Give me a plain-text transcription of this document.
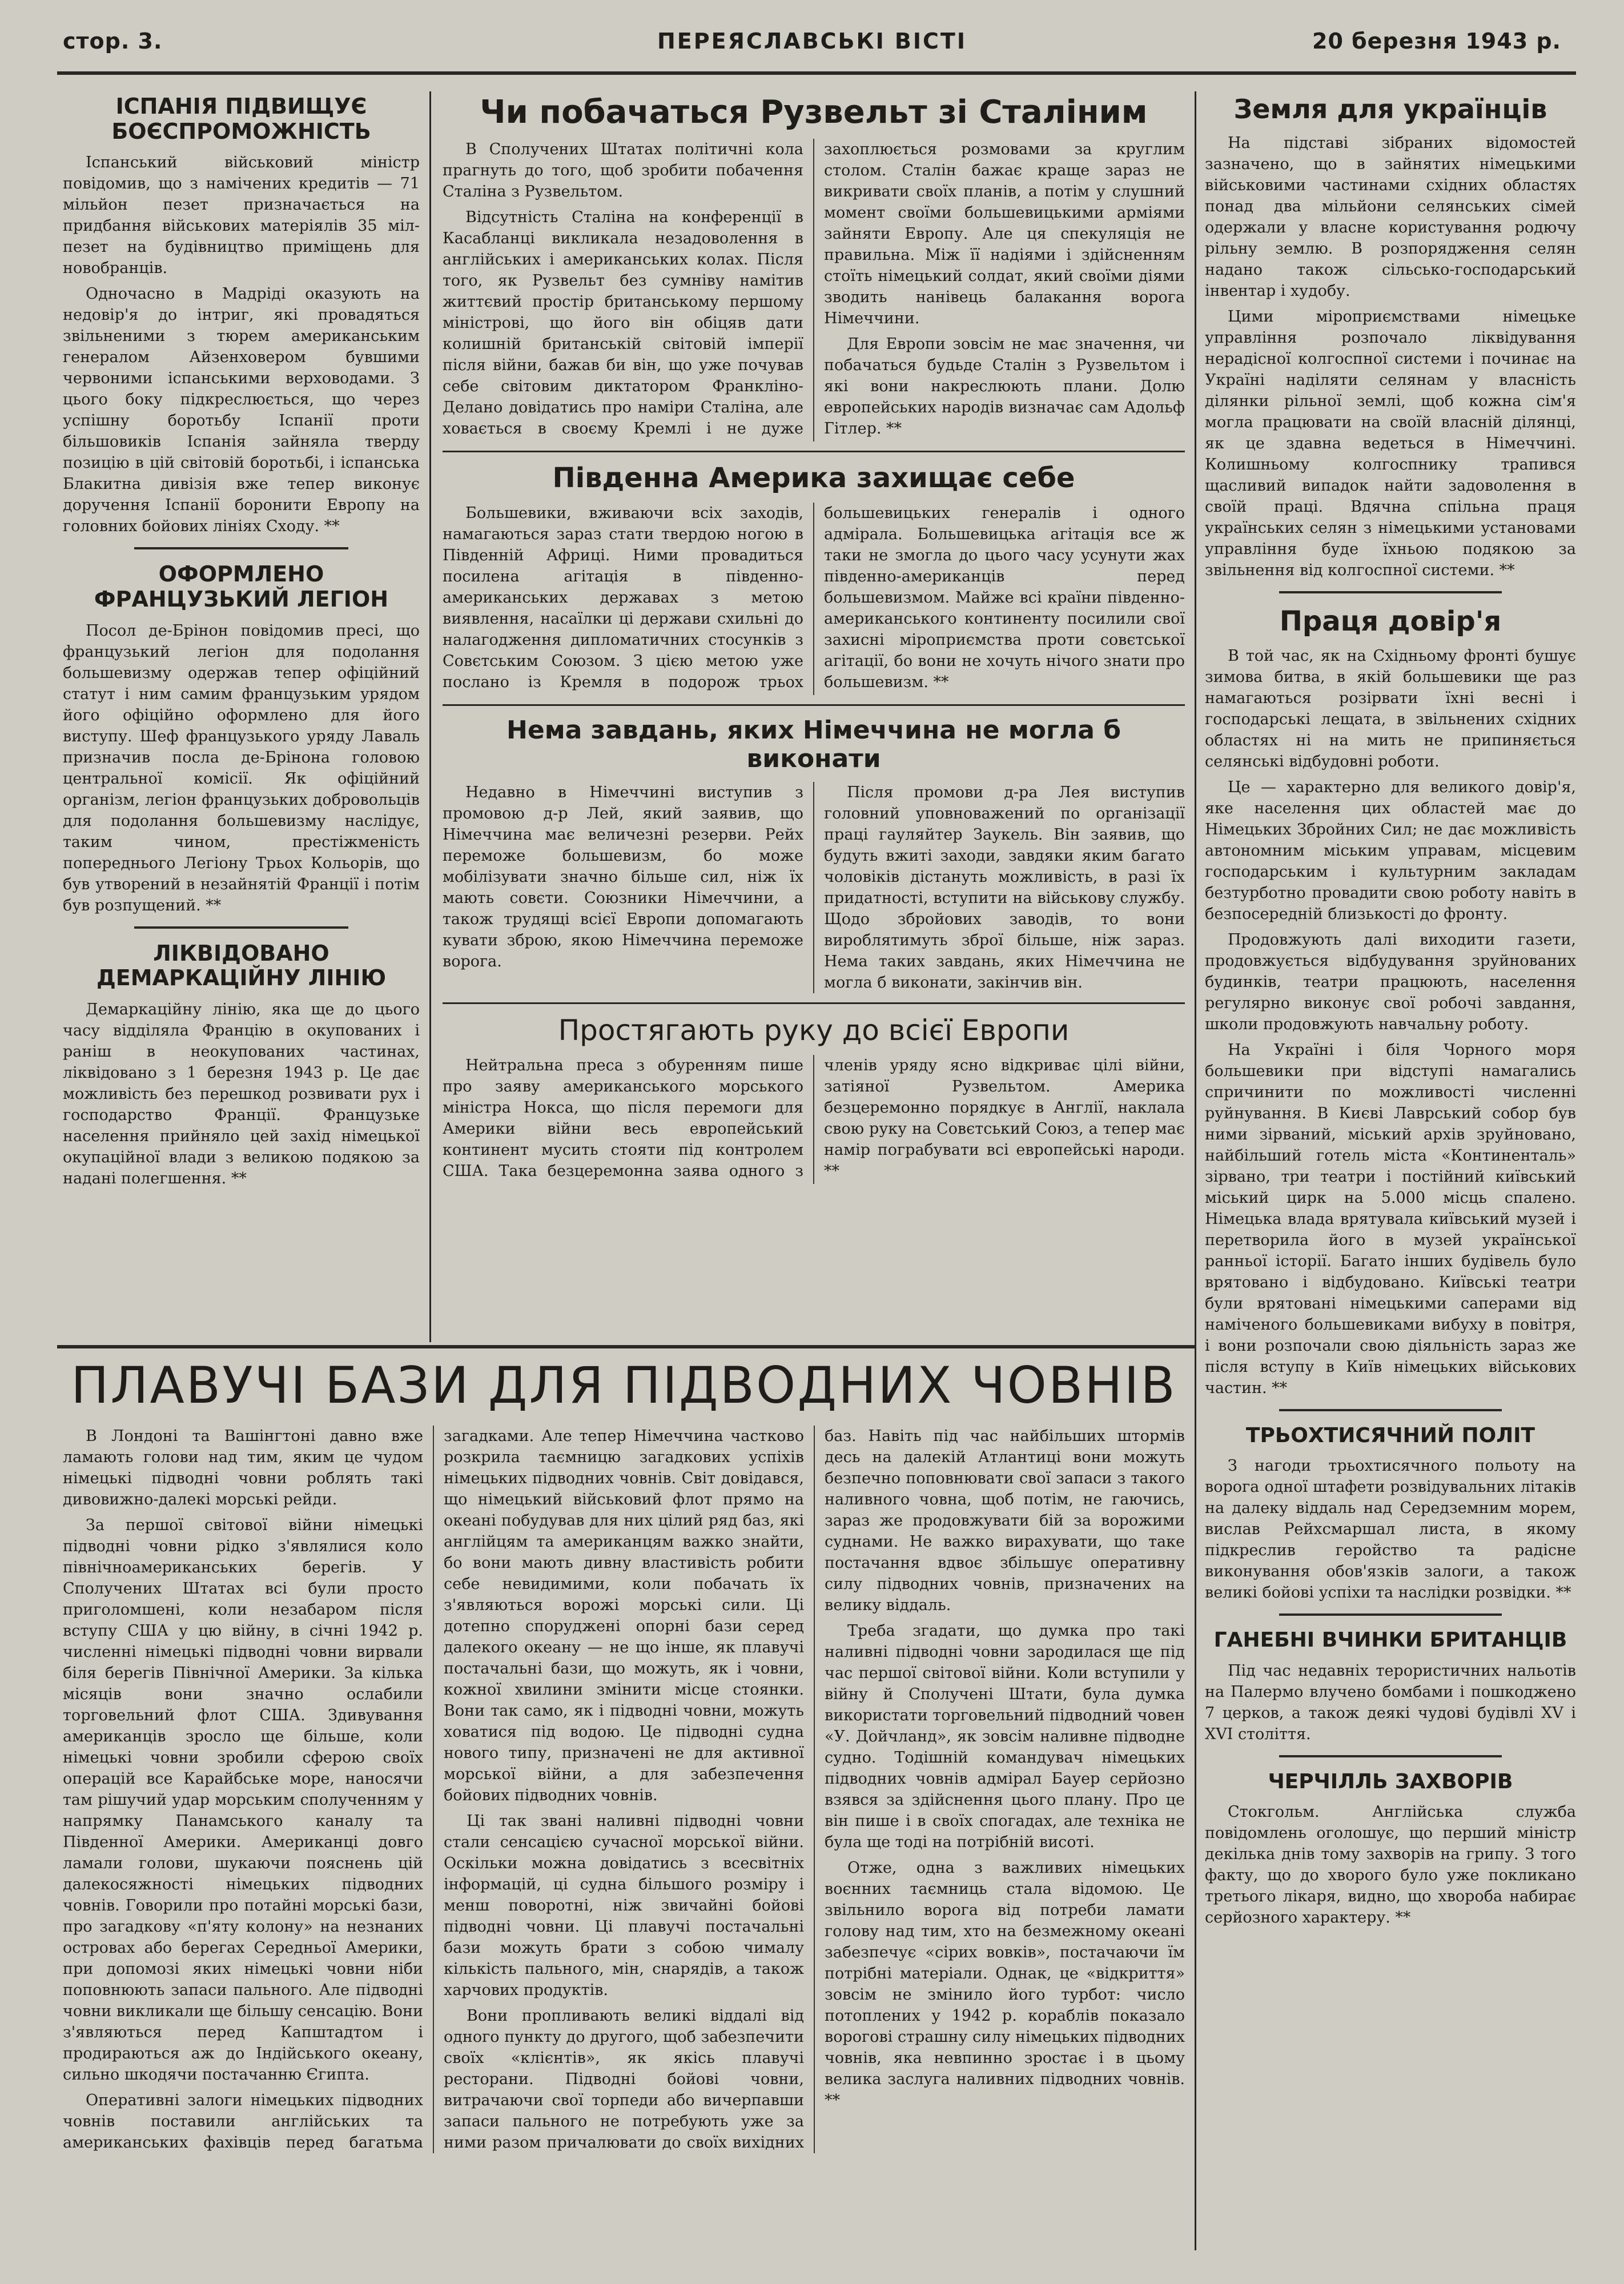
стор. 3.	ПЕРЕЯСЛАВСЬКІ ВІСТІ	20 березня 1943 р.
ІСПАНІЯ ПІДВИЩУЄ БОЄСПРОМОЖНІСТЬ

Іспанський військовий міністр повідомив, що з намічених кредитів — 71 мільйон пезет призначається на придбання військових матеріялів 35 міл-пезет на будівництво приміщень для новобранців.

Одночасно в Мадріді оказують на недовір'я до інтриг, які провадяться звільненими з тюрем американським генералом Айзенховером бувшими червоними іспанськими верховодами. З цього боку підкреслюється, що через успішну боротьбу Іспанії проти більшовиків Іспанія зайняла тверду позицію в цій світовій боротьбі, і іспанська Блакитна дивізія вже тепер виконує доручення Іспанії боронити Европу на головних бойових лініях Сходу. **

ОФОРМЛЕНО ФРАНЦУЗЬКИЙ ЛЕГІОН

Посол де-Брінон повідомив пресі, що французький легіон для подолання большевизму одержав тепер офіційний статут і ним самим французьким урядом його офіційно оформлено для його виступу. Шеф французького уряду Лаваль призначив посла де-Брінона головою центральної комісії. Як офіційний організм, легіон французьких добровольців для подолання большевизму наслідує, таким чином, престіжменість попереднього Легіону Трьох Кольорів, що був утворений в незайнятій Франції і потім був розпущений. **

ЛІКВІДОВАНО ДЕМАРКАЦІЙНУ ЛІНІЮ

Демаркаційну лінію, яка ще до цього часу відділяла Францію в окупованих і раніш в неокупованих частинах, ліквідовано з 1 березня 1943 р. Це дає можливість без перешкод розвивати рух і господарство Франції. Французьке населення прийняло цей захід німецької окупаційної влади з великою подякою за надані полегшення. **

Чи побачаться Рузвельт зі Сталіним

В Сполучених Штатах політичні кола прагнуть до того, щоб зробити побачення Сталіна з Рузвельтом.

Відсутність Сталіна на конференції в Касабланці викликала незадоволення в англійських і американських колах. Після того, як Рузвельт без сумніву намітив життєвий простір британському першому міністрові, що його він обіцяв дати колишній британській світовій імперії після війни, бажав би він, що уже почував себе світовим диктатором Франкліно-Делано довідатись про наміри Сталіна, але ховається в своєму Кремлі і не дуже захоплюється розмовами за круглим столом. Сталін бажає краще зараз не викривати своїх планів, а потім у слушний момент своїми большевицькими арміями зайняти Европу. Але ця спекуляція не правильна. Між її надіями і здійсненням стоїть німецький солдат, який своїми діями зводить нанівець балакання ворога Німеччини.

Для Европи зовсім не має значення, чи побачаться будьде Сталін з Рузвельтом і які вони накреслюють плани. Долю европейських народів визначає сам Адольф Гітлер. **

Південна Америка захищає себе

Большевики, вживаючи всіх заходів, намагаються зараз стати твердою ногою в Південній Африці. Ними провадиться посилена агітація в південно-американських державах з метою виявлення, насаїлки ці держави схильні до налагодження дипломатичних стосунків з Совєтським Союзом. З цією метою уже послано із Кремля в подорож трьох большевицьких генералів і одного адмірала. Большевицька агітація все ж таки не змогла до цього часу усунути жах південно-американців перед большевизмом. Майже всі країни південно-американського континенту посилили свої захисні міроприємства проти совєтської агітації, бо вони не хочуть нічого знати про большевизм. **

Нема завдань, яких Німеччина не могла б виконати

Недавно в Німеччині виступив з промовою д-р Лей, який заявив, що Німеччина має величезні резерви. Рейх переможе большевизм, бо може мобілізувати значно більше сил, ніж їх мають совєти. Союзники Німеччини, а також трудящі всієї Европи допомагають кувати зброю, якою Німеччина переможе ворога.

Після промови д-ра Лея виступив головний уповноважений по організації праці гауляйтер Заукель. Він заявив, що будуть вжиті заходи, завдяки яким багато чоловіків дістануть можливість, в разі їх придатності, вступити на військову службу. Щодо збройових заводів, то вони вироблятимуть зброї більше, ніж зараз. Нема таких завдань, яких Німеччина не могла б виконати, закінчив він.

Простягають руку до всієї Европи

Нейтральна преса з обуренням пише про заяву американського морського міністра Нокса, що після перемоги для Америки війни весь европейський континент мусить стояти під контролем США. Така безцеремонна заява одного з членів уряду ясно відкриває цілі війни, затіяної Рузвельтом. Америка безцеремонно порядкує в Англії, наклала свою руку на Совєтський Союз, а тепер має намір пограбувати всі европейські народи. **

Земля для українців

На підставі зібраних відомостей зазначено, що в зайнятих німецькими військовими частинами східних областях понад два мільйони селянських сімей одержали у власне користування родючу рільну землю. В розпорядження селян надано також сільсько-господарський інвентар і худобу.

Цими міроприємствами німецьке управління розпочало ліквідування нерадісної колгоспної системи і починає на Україні наділяти селянам у власність ділянки рільної землі, щоб кожна сім'я могла працювати на своїй власній ділянці, як це здавна ведеться в Німеччині. Колишньому колгоспнику трапився щасливий випадок найти задоволення в своїй праці. Вдячна спільна праця українських селян з німецькими установами управління буде їхньою подякою за звільнення від колгоспної системи. **

Праця довір'я

В той час, як на Східньому фронті бушує зимова битва, в якій большевики ще раз намагаються розірвати їхні весні і господарські лещата, в звільнених східних областях ні на мить не припиняється селянські відбудовні роботи.

Це — характерно для великого довір'я, яке населення цих областей має до Німецьких Збройних Сил; не дає можливість автономним міським управам, місцевим господарським і культурним закладам безтурботно провадити свою роботу навіть в безпосередній близькості до фронту.

Продовжують далі виходити газети, продовжується відбудування зруйнованих будинків, театри працюють, населення регулярно виконує свої робочі завдання, школи продовжують навчальну роботу.

На Україні і біля Чорного моря большевики при відступі намагались спричинити по можливості численні руйнування. В Києві Лаврський собор був ними зірваний, міський архів зруйновано, найбільший готель міста «Континенталь» зірвано, три театри і постійний київський міський цирк на 5.000 місць спалено. Німецька влада врятувала київський музей і перетворила його в музей української ранньої історії. Багато інших будівель було врятовано і відбудовано. Київські театри були врятовані німецькими саперами від наміченого большевиками вибуху в повітря, і вони розпочали свою діяльність зараз же після вступу в Київ німецьких військових частин. **

ТРЬОХТИСЯЧНИЙ ПОЛІТ

З нагоди трьохтисячного польоту на ворога одної штафети розвідувальних літаків на далеку віддаль над Середземним морем, вислав Рейхсмаршал листа, в якому підкреслив геройство та радісне виконування обов'язків залоги, а також великі бойові успіхи та наслідки розвідки. **

ГАНЕБНІ ВЧИНКИ БРИТАНЦІВ

Під час недавніх терористичних нальотів на Палермо влучено бомбами і пошкоджено 7 церков, а також деякі чудові будівлі XV і XVI століття.

ЧЕРЧІЛЛЬ ЗАХВОРІВ

Стокгольм. Англійська служба повідомлень оголошує, що перший міністр декілька днів тому захворів на грипу. З того факту, що до хворого було уже покликано третього лікаря, видно, що хвороба набирає серйозного характеру. **

ПЛАВУЧІ БАЗИ ДЛЯ ПІДВОДНИХ ЧОВНІВ

В Лондоні та Вашінгтоні давно вже ламають голови над тим, яким це чудом німецькі підводні човни роблять такі дивовижно-далекі морські рейди.

За першої світової війни німецькі підводні човни рідко з'являлися коло північноамериканських берегів. У Сполучених Штатах всі були просто приголомшені, коли незабаром після вступу США у цю війну, в січні 1942 р. численні німецькі підводні човни вирвали біля берегів Північної Америки. За кілька місяців вони значно ослабили торговельний флот США. Здивування американців зросло ще більше, коли німецькі човни зробили сферою своїх операцій все Карайбське море, наносячи там рішучий удар морським сполученням у напрямку Панамського каналу та Південної Америки. Американці довго ламали голови, шукаючи пояснень цій далекосяжності німецьких підводних човнів. Говорили про потайні морські бази, про загадкову «п'яту колону» на незнаних островах або берегах Середньої Америки, при допомозі яких німецькі човни ніби поповнюють запаси пального. Але підводні човни викликали ще більшу сенсацію. Вони з'являються перед Капштадтом і продираються аж до Індійського океану, сильно шкодячи постачанню Єгипта.

Оперативні залоги німецьких підводних човнів поставили англійських та американських фахівців перед багатьма загадками. Але тепер Німеччина частково розкрила таємницю загадкових успіхів німецьких підводних човнів. Світ довідався, що німецький військовий флот прямо на океані побудував для них цілий ряд баз, які англійцям та американцям важко знайти, бо вони мають дивну властивість робити себе невидимими, коли побачать їх з'являються ворожі морські сили. Ці дотепно споруджені опорні бази серед далекого океану — не що інше, як плавучі постачальні бази, що можуть, як і човни, кожної хвилини змінити місце стоянки. Вони так само, як і підводні човни, можуть ховатися під водою. Це підводні судна нового типу, призначені не для активної морської війни, а для забезпечення бойових підводних човнів.

Ці так звані наливні підводні човни стали сенсацією сучасної морської війни. Оскільки можна довідатись з всесвітніх інформацій, ці судна більшого розміру і менш поворотні, ніж звичайні бойові підводні човни. Ці плавучі постачальні бази можуть брати з собою чималу кількість пального, мін, снарядів, а також харчових продуктів.

Вони пропливають великі віддалі від одного пункту до другого, щоб забезпечити своїх «клієнтів», як якісь плавучі ресторани. Підводні бойові човни, витрачаючи свої торпеди або вичерпавши запаси пального не потребують уже за ними разом причалювати до своїх вихідних баз. Навіть під час найбільших штормів десь на далекій Атлантиці вони можуть безпечно поповнювати свої запаси з такого наливного човна, щоб потім, не гаючись, зараз же продовжувати бій за ворожими суднами. Не важко вирахувати, що таке постачання вдвоє збільшує оперативну силу підводних човнів, призначених на велику віддаль.

Треба згадати, що думка про такі наливні підводні човни зародилася ще під час першої світової війни. Коли вступили у війну й Сполучені Штати, була думка використати торговельний підводний човен «У. Дойчланд», як зовсім наливне підводне судно. Тодішній командувач німецьких підводних човнів адмірал Бауер серйозно взявся за здійснення цього плану. Про це він пише і в своїх спогадах, але техніка не була ще тоді на потрібній висоті.

Отже, одна з важливих німецьких воєнних таємниць стала відомою. Це звільнило ворога від потреби ламати голову над тим, хто на безмежному океані забезпечує «сірих вовків», постачаючи їм потрібні матеріали. Однак, це «відкриття» зовсім не змінило його турбот: число потоплених у 1942 р. кораблів показало ворогові страшну силу німецьких підводних човнів, яка невпинно зростає і в цьому велика заслуга наливних підводних човнів. **
